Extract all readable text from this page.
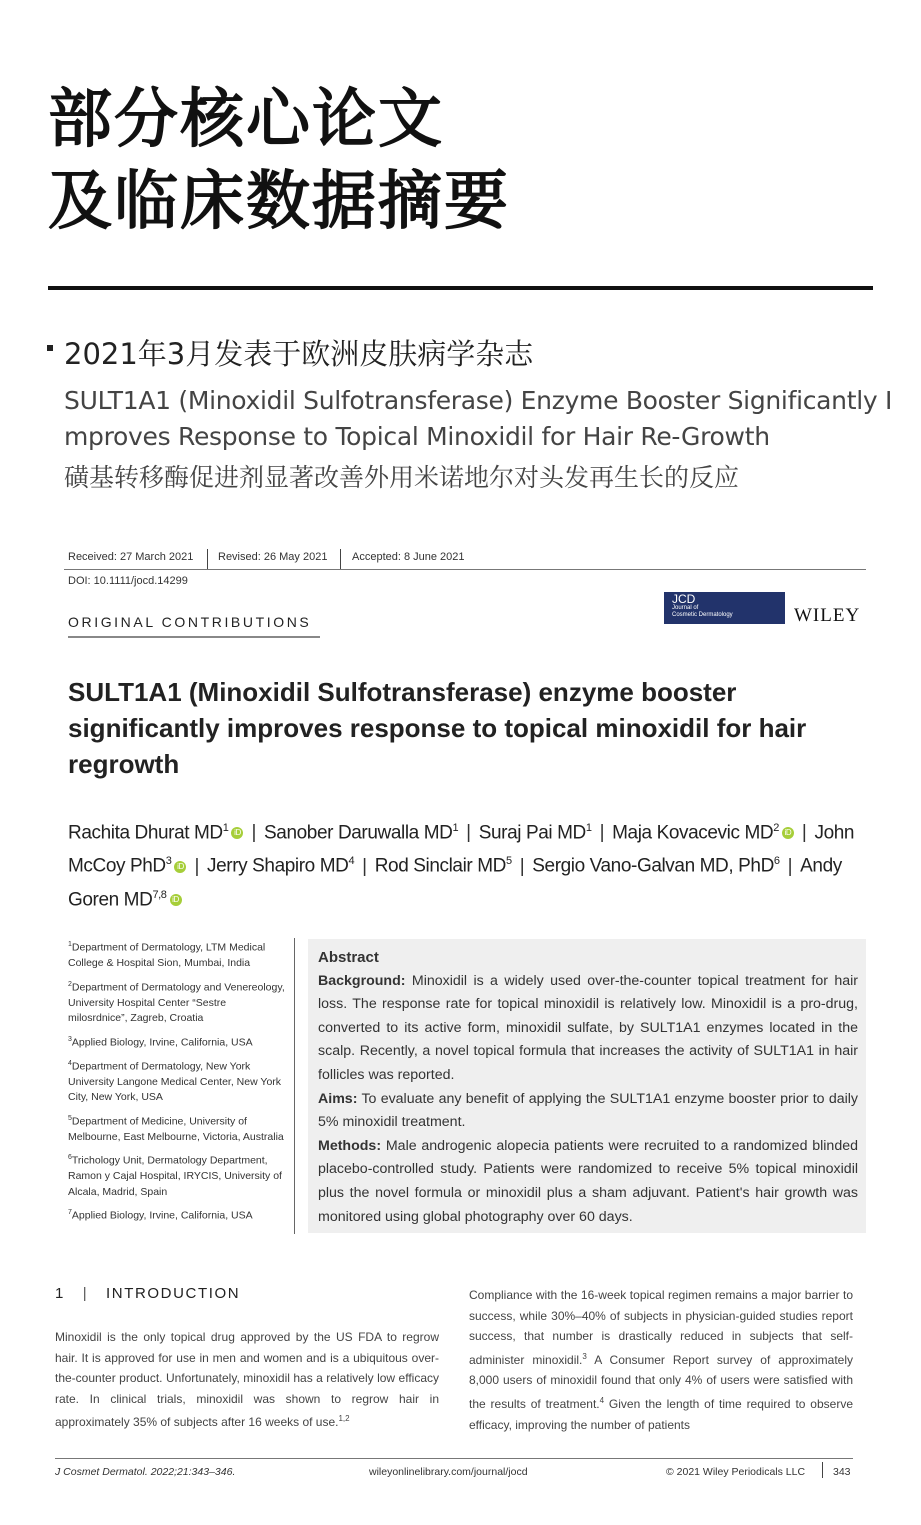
部分核心论文
及临床数据摘要
2021年3月发表于欧洲皮肤病学杂志
SULT1A1 (Minoxidil Sulfotransferase) Enzyme Booster Significantly I
mproves Response to Topical Minoxidil for Hair Re-Growth
磺基转移酶促进剂显著改善外用米诺地尔对头发再生长的反应
Received: 27 March 2021 Revised: 26 May 2021 Accepted: 8 June 2021
DOI: 10.1111/jocd.14299
ORIGINAL CONTRIBUTIONS
JCD
Journal of
Cosmetic Dermatology	WILEY
SULT1A1 (Minoxidil Sulfotransferase) enzyme booster significantly improves response to topical minoxidil for hair regrowth
Rachita Dhurat $MD^1$ iD | Sanober Daruwalla $MD^1$ | Suraj Pai $MD^1$ | Maja Kovacevic $MD^2$ iD | John McCoy PhD$^3$ iD | Jerry Shapiro $MD^4$ | Rod Sinclair $MD^5$ | Sergio Vano-Galvan MD, PhD$^6$ | Andy Goren MD$^{7,8}$ iD

$^1$Department of Dermatology, LTM Medical College & Hospital Sion, Mumbai, India

$^2$Department of Dermatology and Venereology, University Hospital Center “Sestre milosrdnice”, Zagreb, Croatia

$^3$Applied Biology, Irvine, California, USA

$^4$Department of Dermatology, New York University Langone Medical Center, New York City, New York, USA

$^5$Department of Medicine, University of Melbourne, East Melbourne, Victoria, Australia

$^6$Trichology Unit, Dermatology Department, Ramon y Cajal Hospital, IRYCIS, University of Alcala, Madrid, Spain

$^7$Applied Biology, Irvine, California, USA

Abstract

Background: Minoxidil is a widely used over-the-counter topical treatment for hair loss. The response rate for topical minoxidil is relatively low. Minoxidil is a pro-drug, converted to its active form, minoxidil sulfate, by SULT1A1 enzymes located in the scalp. Recently, a novel topical formula that increases the activity of SULT1A1 in hair follicles was reported.

Aims: To evaluate any benefit of applying the SULT1A1 enzyme booster prior to daily 5% minoxidil treatment.

Methods: Male androgenic alopecia patients were recruited to a randomized blinded placebo-controlled study. Patients were randomized to receive 5% topical minoxidil plus the novel formula or minoxidil plus a sham adjuvant. Patient's hair growth was monitored using global photography over 60 days.

1 | INTRODUCTION
Minoxidil is the only topical drug approved by the US FDA to regrow hair. It is approved for use in men and women and is a ubiquitous over-the-counter product. Unfortunately, minoxidil has a relatively low efficacy rate. In clinical trials, minoxidil was shown to regrow hair in approximately 35% of subjects after 16 weeks of use.$^{1,2}$
Compliance with the 16-week topical regimen remains a major barrier to success, while 30%–40% of subjects in physician-guided studies report success, that number is drastically reduced in subjects that self-administer minoxidil.$^3$ A Consumer Report survey of approximately 8,000 users of minoxidil found that only 4% of users were satisfied with the results of treatment.$^4$ Given the length of time required to observe efficacy, improving the number of patients
J Cosmet Dermatol. 2022;21:343–346.	wileyonlinelibrary.com/journal/jocd	© 2021 Wiley Periodicals LLC	343
